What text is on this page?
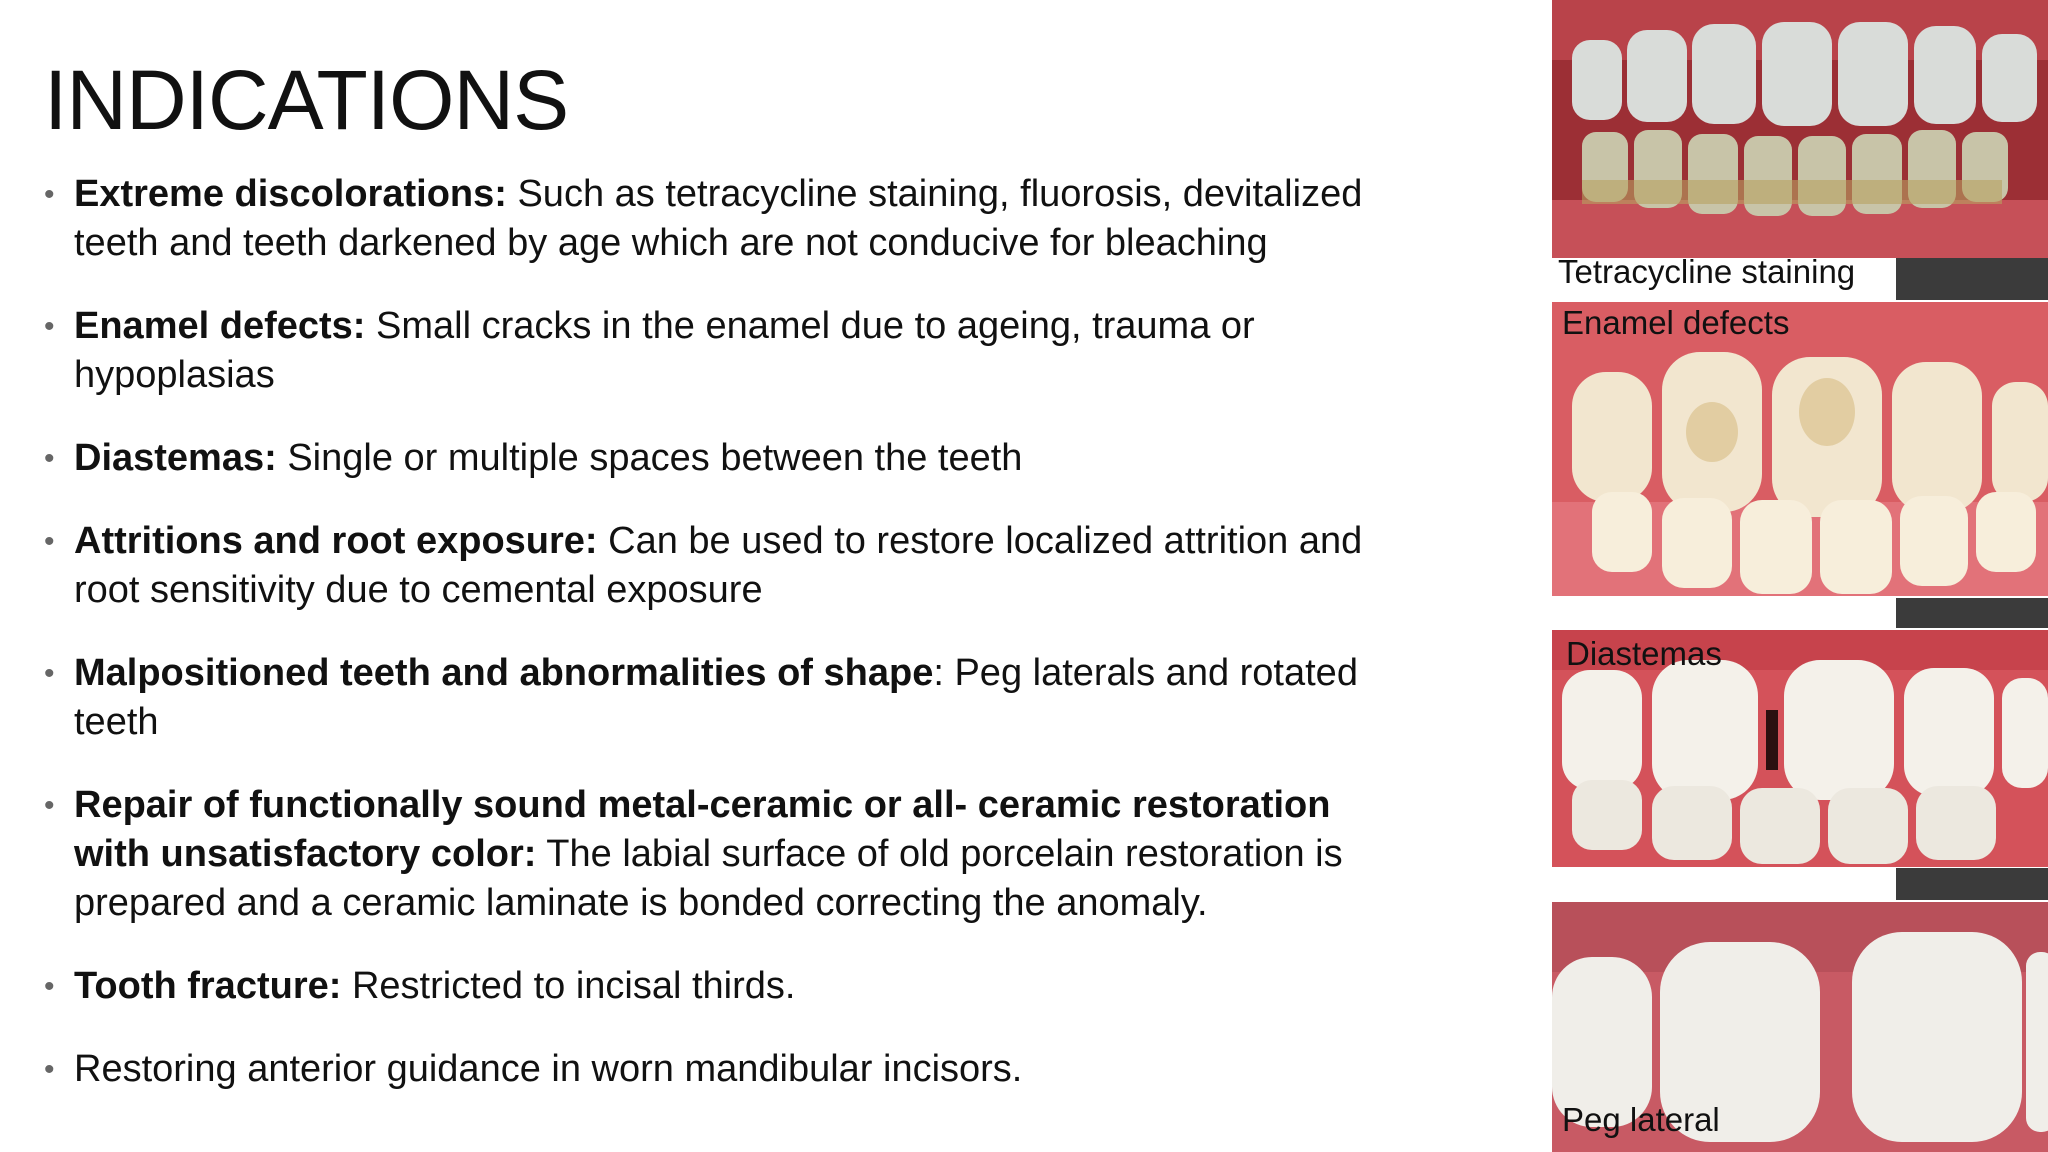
INDICATIONS
• Extreme discolorations: Such as tetracycline staining, fluorosis, devitalized teeth and teeth darkened by age which are not conducive for bleaching
• Enamel defects: Small cracks in the enamel due to ageing, trauma or hypoplasias
• Diastemas: Single or multiple spaces between the teeth
• Attritions and root exposure: Can be used to restore localized attrition and root sensitivity due to cemental exposure
• Malpositioned teeth and abnormalities of shape: Peg laterals and rotated teeth
• Repair of functionally sound metal-ceramic or all- ceramic restoration with unsatisfactory color: The labial surface of old porcelain restoration is prepared and a ceramic laminate is bonded correcting the anomaly.
• Tooth fracture: Restricted to incisal thirds.
• Restoring anterior guidance in worn mandibular incisors.
Tetracycline staining
Enamel defects
Diastemas
Peg lateral
